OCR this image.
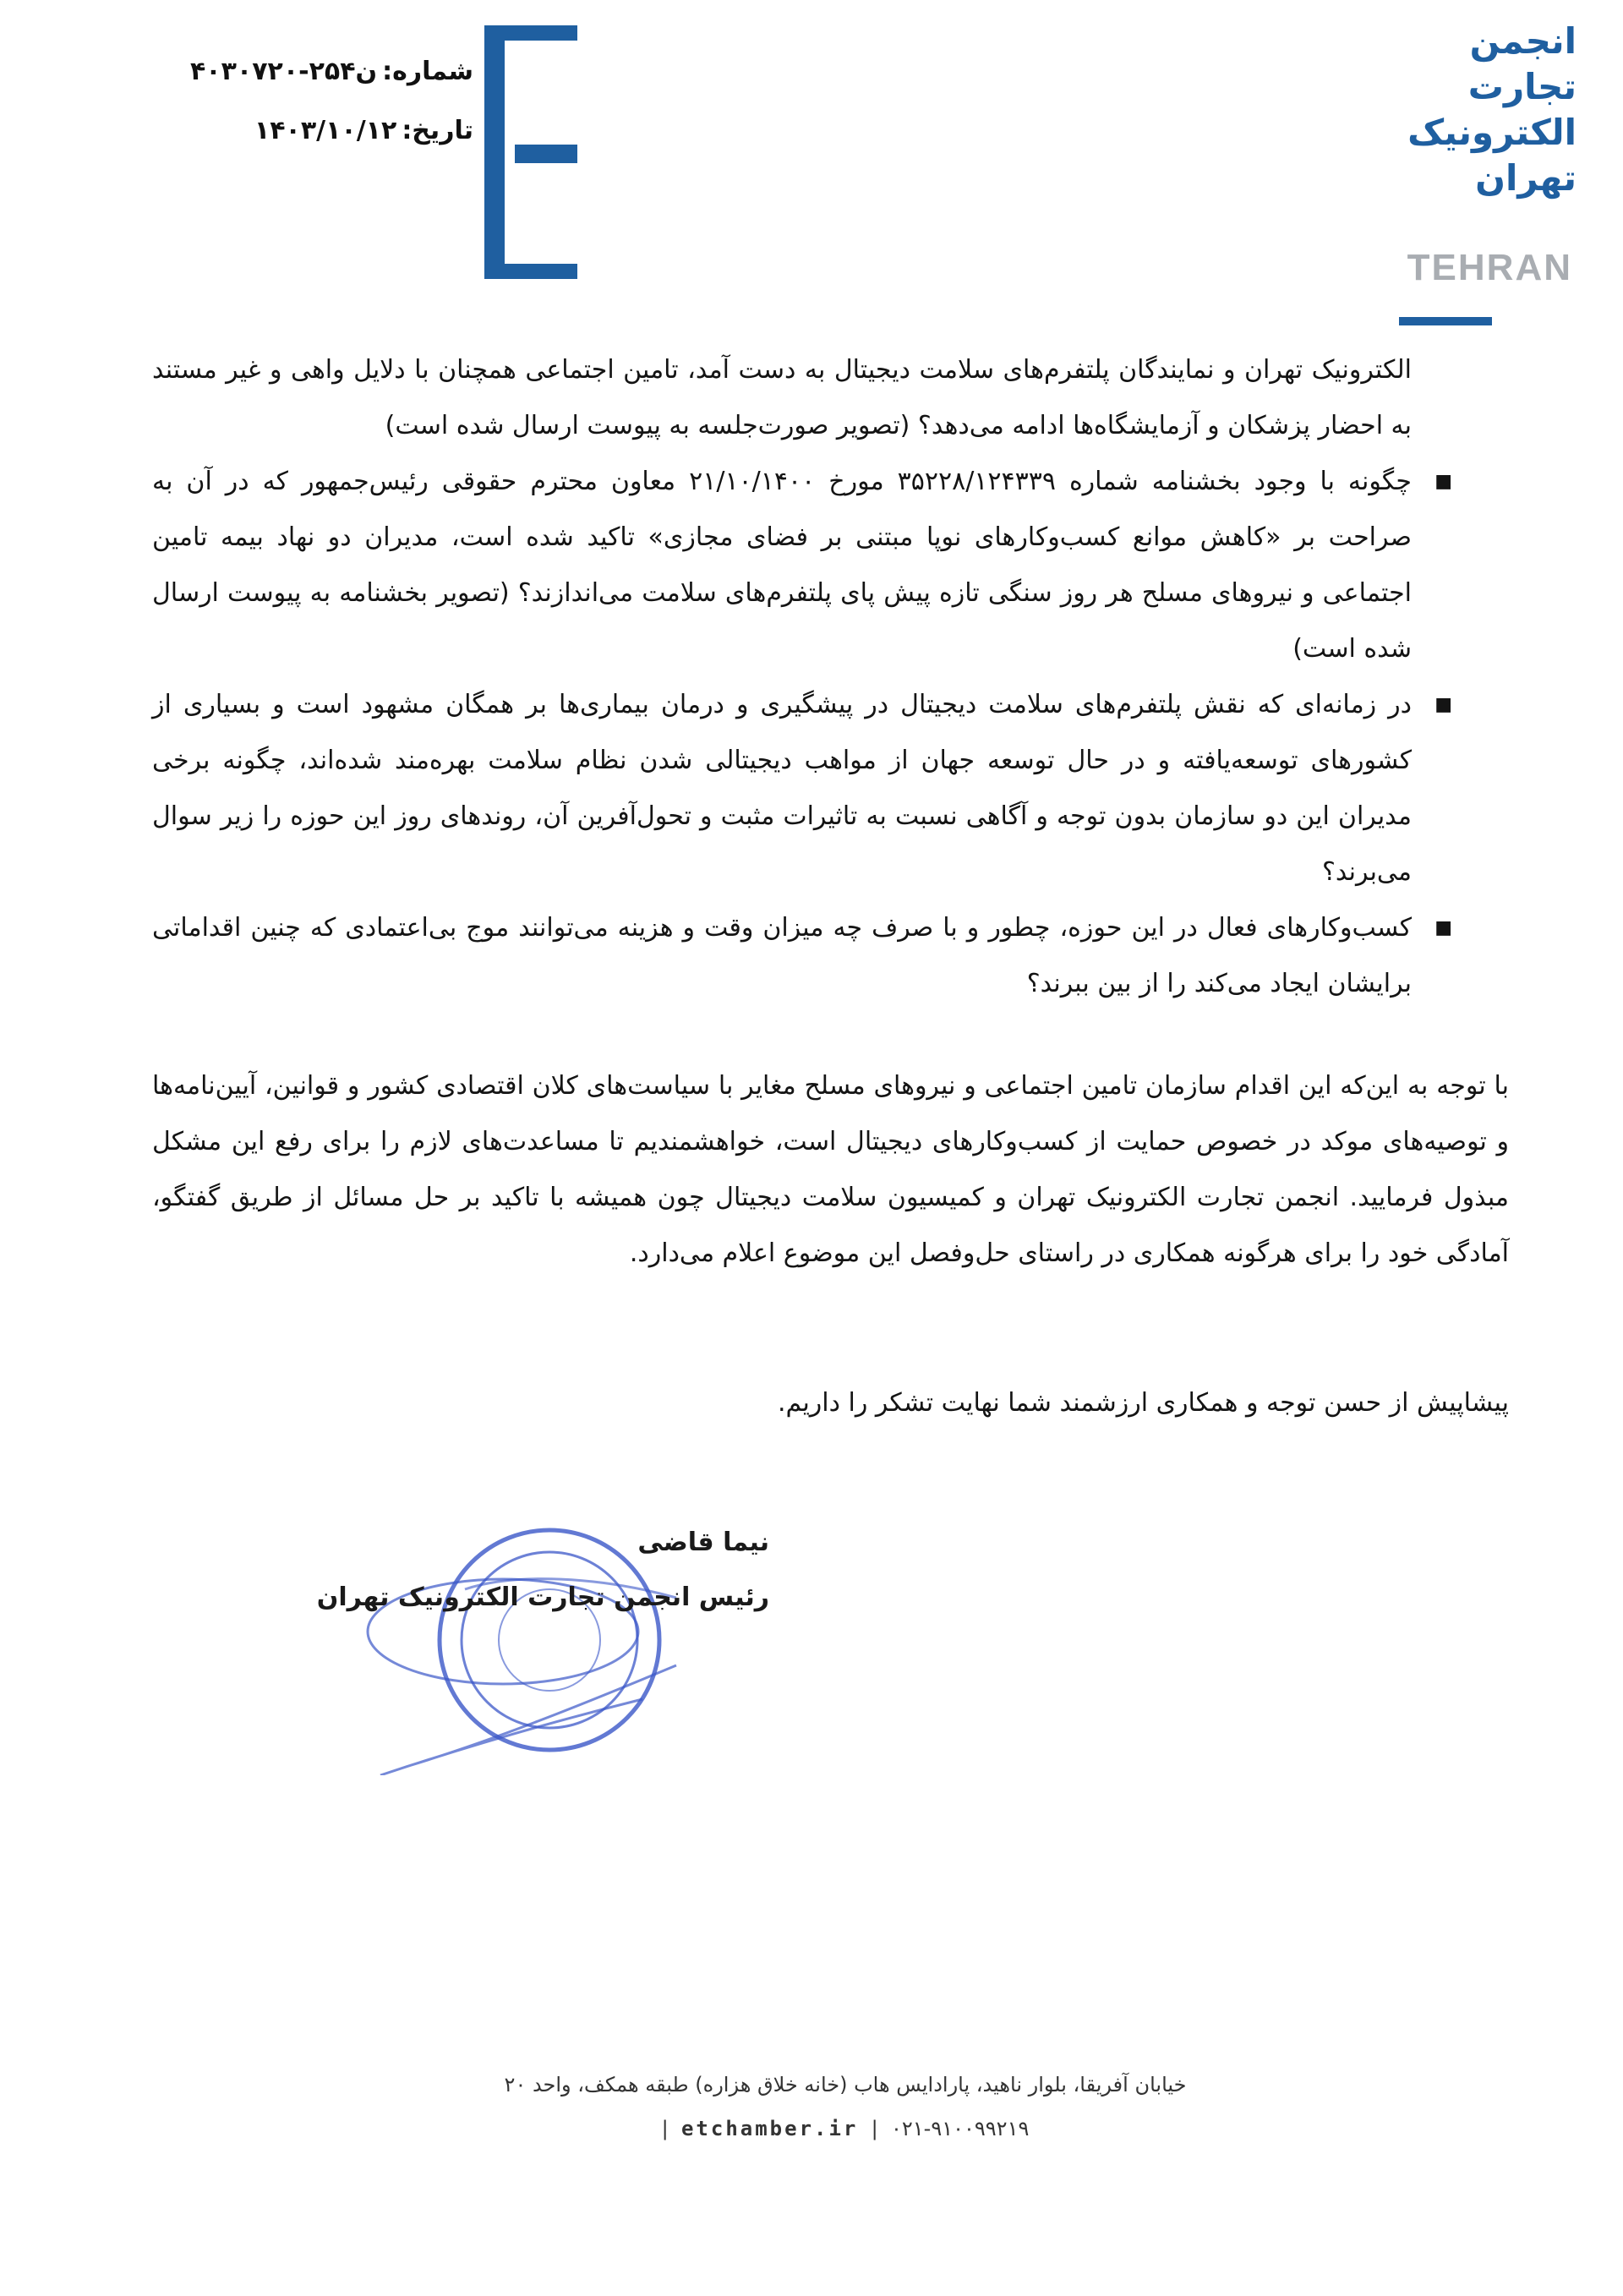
شماره:ن۲۵۴-۴۰۳۰۷۲۰
تاریخ:۱۴۰۳/۱۰/۱۲
انجمن
تجارت
الکترونیک
تهران
TEHRAN
الکترونیک تهران و نمایندگان پلتفرم‌های سلامت دیجیتال به دست آمد، تامین اجتماعی همچنان با دلایل واهی و غیر مستند به احضار پزشکان و آزمایشگاه‌ها ادامه می‌دهد؟ (تصویر صورت‌جلسه به پیوست ارسال شده است)
■
چگونه با وجود بخشنامه شماره ۳۵۲۲۸/۱۲۴۳۳۹ مورخ ۲۱/۱۰/۱۴۰۰ معاون محترم حقوقی رئیس‌جمهور که در آن به صراحت بر «کاهش موانع کسب‌وکارهای نوپا مبتنی بر فضای مجازی» تاکید شده است، مدیران دو نهاد بیمه تامین اجتماعی و نیروهای مسلح هر روز سنگی تازه پیش پای پلتفرم‌های سلامت می‌اندازند؟ (تصویر بخشنامه به پیوست ارسال شده است)
■
در زمانه‌ای که نقش پلتفرم‌های سلامت دیجیتال در پیشگیری و درمان بیماری‌ها بر همگان مشهود است و بسیاری از کشورهای توسعه‌یافته و در حال توسعه جهان از مواهب دیجیتالی شدن نظام سلامت بهره‌مند شده‌اند، چگونه برخی مدیران این دو سازمان بدون توجه و آگاهی نسبت به تاثیرات مثبت و تحول‌آفرین آن، روندهای روز این حوزه را زیر سوال می‌برند؟
■
کسب‌وکارهای فعال در این حوزه، چطور و با صرف چه میزان وقت و هزینه می‌توانند موج بی‌اعتمادی که چنین اقداماتی برایشان ایجاد می‌کند را از بین ببرند؟
با توجه به این‌که این اقدام سازمان تامین اجتماعی و نیروهای مسلح مغایر با سیاست‌های کلان اقتصادی کشور و قوانین، آیین‌نامه‌ها و توصیه‌های موکد در خصوص حمایت از کسب‌وکارهای دیجیتال است، خواهشمندیم تا مساعدت‌های لازم را برای رفع این مشکل مبذول فرمایید. انجمن تجارت الکترونیک تهران و کمیسیون سلامت دیجیتال چون همیشه با تاکید بر حل مسائل از طریق گفتگو، آمادگی خود را برای هرگونه همکاری در راستای حل‌وفصل این موضوع اعلام می‌دارد.
پیشاپیش از حسن توجه و همکاری ارزشمند شما نهایت تشکر را داریم.
نیما قاضی
رئیس انجمن تجارت الکترونیک تهران
خیابان آفریقا، بلوار ناهید، پارادایس هاب (خانه خلاق هزاره) طبقه همکف، واحد ۲۰
۰۲۱-۹۱۰۰۹۹۲۱۹  |  etchamber.ir  |
